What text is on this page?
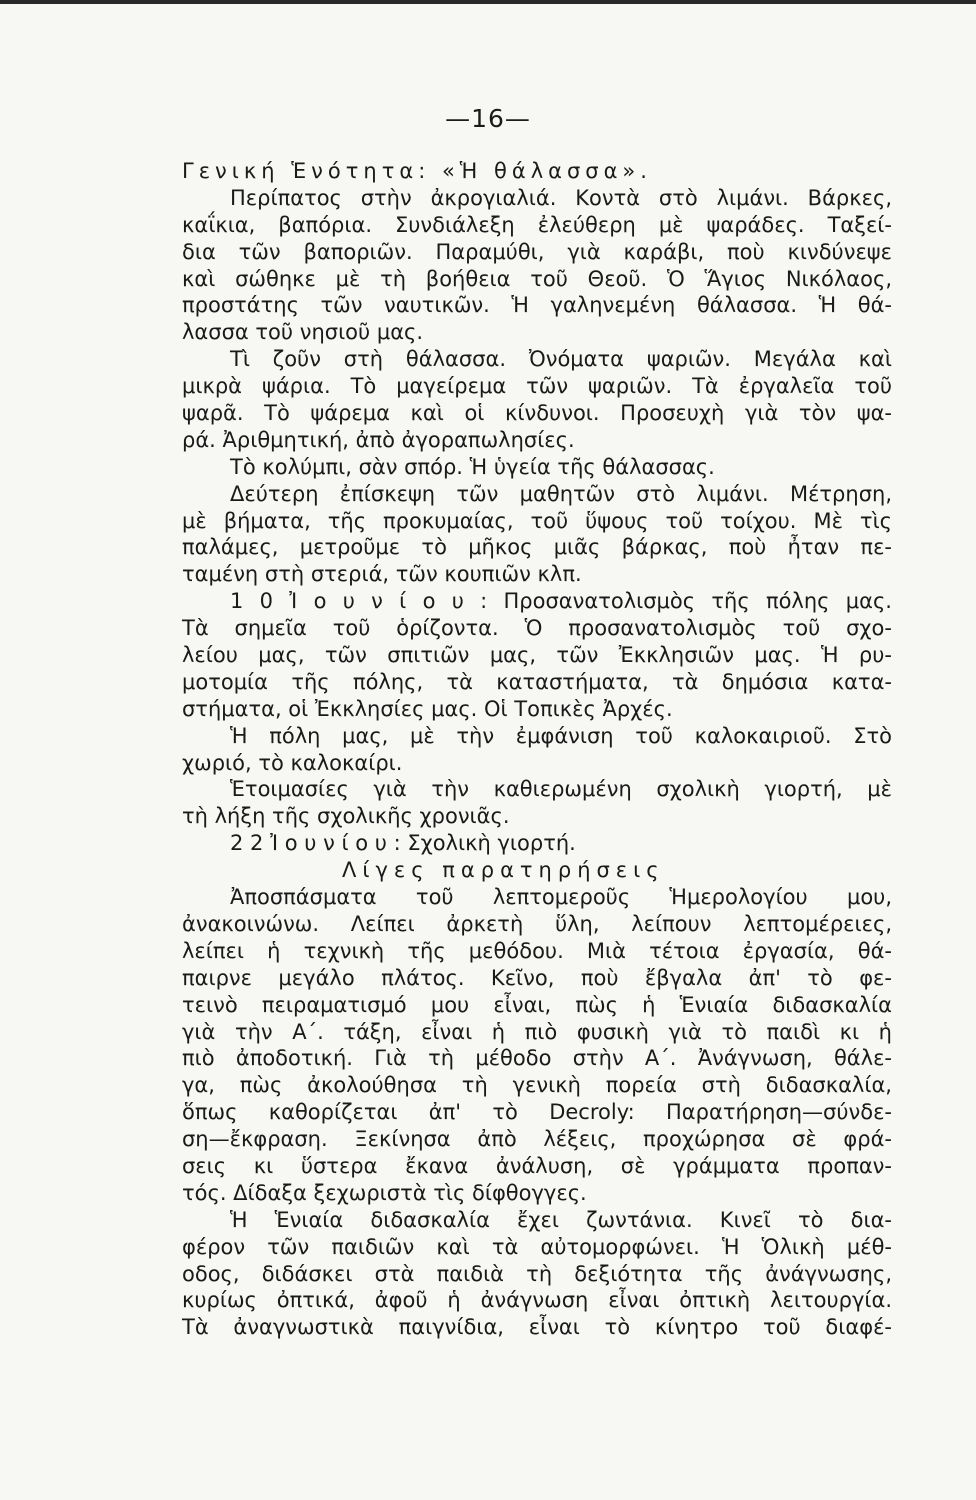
—16—
Γενική Ἑνότητα: «Ἡ θάλασσα».
Περίπατος στὴν ἀκρογιαλιά. Κοντὰ στὸ λιμάνι. Βάρκες,
καΐκια, βαπόρια. Συνδιάλεξη ἐλεύθερη μὲ ψαράδες. Ταξεί-
δια τῶν βαποριῶν. Παραμύθι, γιὰ καράβι, ποὺ κινδύνεψε
καὶ σώθηκε μὲ τὴ βοήθεια τοῦ Θεοῦ. Ὁ Ἅγιος Νικόλαος,
προστάτης τῶν ναυτικῶν. Ἡ γαληνεμένη θάλασσα. Ἡ θά-
λασσα τοῦ νησιοῦ μας.
Τὶ ζοῦν στὴ θάλασσα. Ὀνόματα ψαριῶν. Μεγάλα καὶ
μικρὰ ψάρια. Τὸ μαγείρεμα τῶν ψαριῶν. Τὰ ἐργαλεῖα τοῦ
ψαρᾶ. Τὸ ψάρεμα καὶ οἱ κίνδυνοι. Προσευχὴ γιὰ τὸν ψα-
ρά. Ἀριθμητική, ἀπὸ ἀγοραπωλησίες.
Τὸ κολύμπι, σὰν σπόρ. Ἡ ὑγεία τῆς θάλασσας.
Δεύτερη ἐπίσκεψη τῶν μαθητῶν στὸ λιμάνι. Μέτρηση,
μὲ βήματα, τῆς προκυμαίας, τοῦ ὕψους τοῦ τοίχου. Μὲ τὶς
παλάμες, μετροῦμε τὸ μῆκος μιᾶς βάρκας, ποὺ ἦταν πε-
ταμένη στὴ στεριά, τῶν κουπιῶν κλπ.
1 0 Ἰ ο υ ν ί ο υ : Προσανατολισμὸς τῆς πόλης μας.
Τὰ σημεῖα τοῦ ὁρίζοντα. Ὁ προσανατολισμὸς τοῦ σχο-
λείου μας, τῶν σπιτιῶν μας, τῶν Ἐκκλησιῶν μας. Ἡ ρυ-
μοτομία τῆς πόλης, τὰ καταστήματα, τὰ δημόσια κατα-
στήματα, οἱ Ἐκκλησίες μας. Οἱ Τοπικὲς Ἀρχές.
Ἡ πόλη μας, μὲ τὴν ἐμφάνιση τοῦ καλοκαιριοῦ. Στὸ
χωριό, τὸ καλοκαίρι.
Ἑτοιμασίες γιὰ τὴν καθιερωμένη σχολικὴ γιορτή, μὲ
τὴ λήξη τῆς σχολικῆς χρονιᾶς.
2 2 Ἰ ο υ ν ί ο υ : Σχολικὴ γιορτή.
Λίγες παρατηρήσεις
Ἀποσπάσματα τοῦ λεπτομεροῦς Ἡμερολογίου μου,
ἀνακοινώνω. Λείπει ἀρκετὴ ὕλη, λείπουν λεπτομέρειες,
λείπει ἡ τεχνικὴ τῆς μεθόδου. Μιὰ τέτοια ἐργασία, θά-
παιρνε μεγάλο πλάτος. Κεῖνο, ποὺ ἔβγαλα ἀπ' τὸ φε-
τεινὸ πειραματισμό μου εἶναι, πὼς ἡ Ἑνιαία διδασκαλία
γιὰ τὴν Α΄. τάξη, εἶναι ἡ πιὸ φυσικὴ γιὰ τὸ παιδὶ κι ἡ
πιὸ ἀποδοτική. Γιὰ τὴ μέθοδο στὴν Α΄. Ἀνάγνωση, θάλε-
γα, πὼς ἀκολούθησα τὴ γενικὴ πορεία στὴ διδασκαλία,
ὅπως καθορίζεται ἀπ' τὸ Decroly: Παρατήρηση—σύνδε-
ση—ἔκφραση. Ξεκίνησα ἀπὸ λέξεις, προχώρησα σὲ φρά-
σεις κι ὕστερα ἔκανα ἀνάλυση, σὲ γράμματα προπαν-
τός. Δίδαξα ξεχωριστὰ τὶς δίφθογγες.
Ἡ Ἑνιαία διδασκαλία ἔχει ζωντάνια. Κινεῖ τὸ δια-
φέρον τῶν παιδιῶν καὶ τὰ αὐτομορφώνει. Ἡ Ὁλικὴ μέθ-
οδος, διδάσκει στὰ παιδιὰ τὴ δεξιότητα τῆς ἀνάγνωσης,
κυρίως ὀπτικά, ἀφοῦ ἡ ἀνάγνωση εἶναι ὀπτικὴ λειτουργία.
Τὰ ἀναγνωστικὰ παιγνίδια, εἶναι τὸ κίνητρο τοῦ διαφέ-
